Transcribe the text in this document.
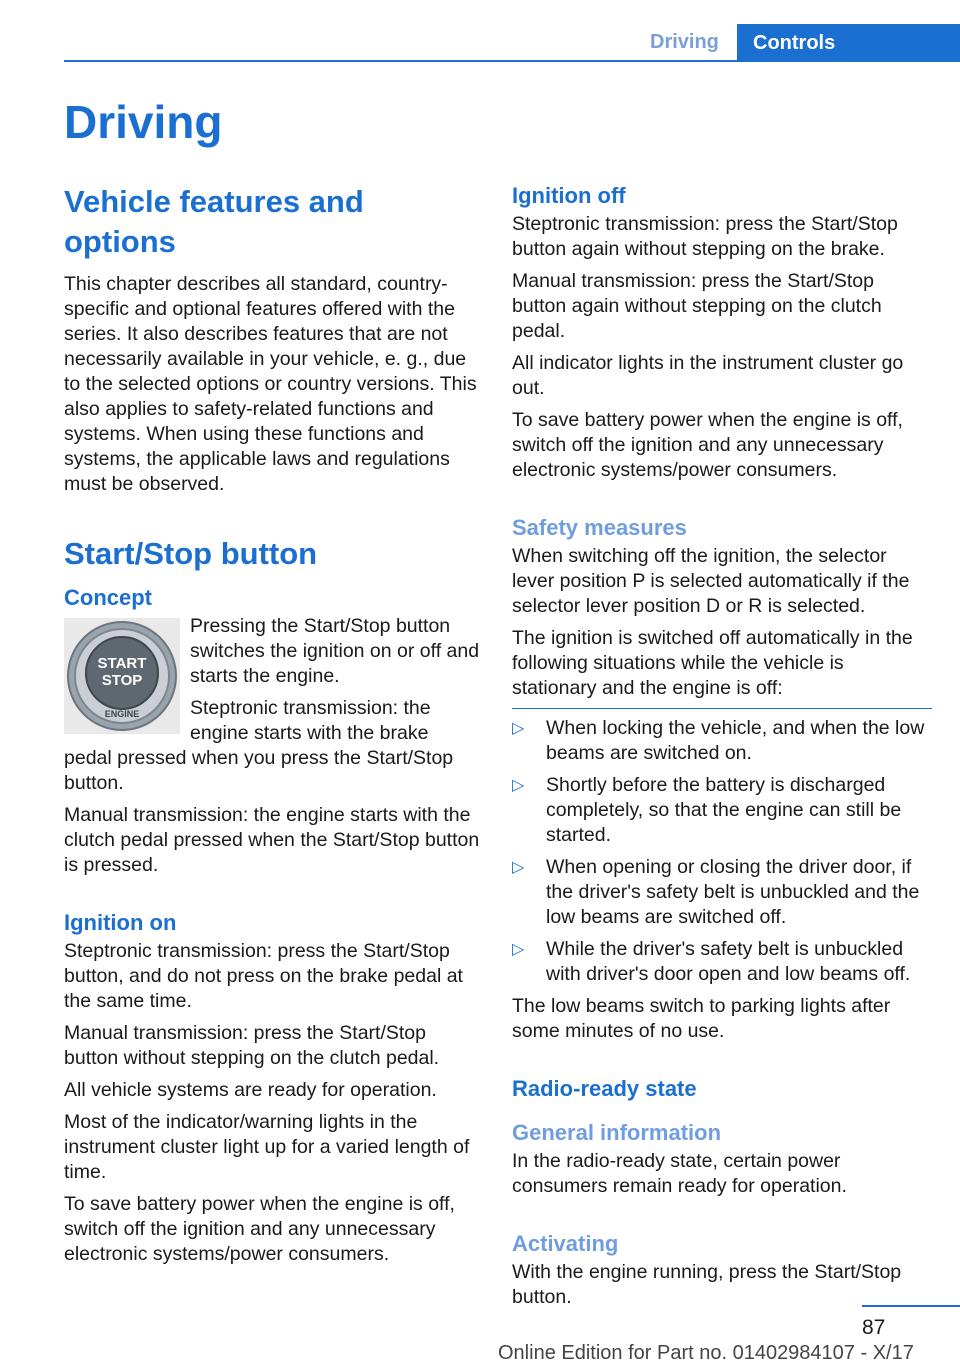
Driving	Controls
Driving
Vehicle features and options

This chapter describes all standard, country-specific and optional features offered with the series. It also describes features that are not necessarily available in your vehicle, e. g., due to the selected options or country versions. This also applies to safety-related functions and systems. When using these functions and systems, the applicable laws and regulations must be observed.

Start/Stop button
Concept
START
STOP
ENGINE

Pressing the Start/Stop button switches the ignition on or off and starts the engine.

Steptronic transmission: the engine starts with the brake pedal pressed when you press the Start/Stop button.

Manual transmission: the engine starts with the clutch pedal pressed when the Start/Stop button is pressed.

Ignition on

Steptronic transmission: press the Start/Stop button, and do not press on the brake pedal at the same time.

Manual transmission: press the Start/Stop button without stepping on the clutch pedal.

All vehicle systems are ready for operation.

Most of the indicator/warning lights in the instrument cluster light up for a varied length of time.

To save battery power when the engine is off, switch off the ignition and any unnecessary electronic systems/power consumers.

Ignition off

Steptronic transmission: press the Start/Stop button again without stepping on the brake.

Manual transmission: press the Start/Stop button again without stepping on the clutch pedal.

All indicator lights in the instrument cluster go out.

To save battery power when the engine is off, switch off the ignition and any unnecessary electronic systems/power consumers.

Safety measures

When switching off the ignition, the selector lever position P is selected automatically if the selector lever position D or R is selected.

The ignition is switched off automatically in the following situations while the vehicle is stationary and the engine is off:

▷ When locking the vehicle, and when the low beams are switched on.
▷ Shortly before the battery is discharged completely, so that the engine can still be started.
▷ When opening or closing the driver door, if the driver's safety belt is unbuckled and the low beams are switched off.
▷ While the driver's safety belt is unbuckled with driver's door open and low beams off.

The low beams switch to parking lights after some minutes of no use.

Radio-ready state
General information

In the radio-ready state, certain power consumers remain ready for operation.

Activating

With the engine running, press the Start/Stop button.

87
Online Edition for Part no. 01402984107 - X/17
